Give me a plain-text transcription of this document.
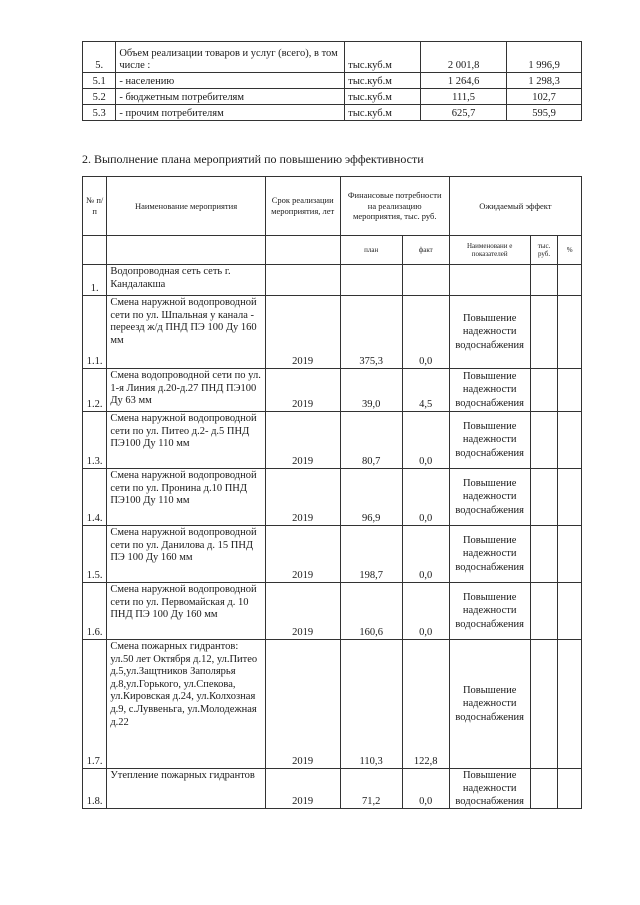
5.	Объем реализации товаров и услуг (всего), в том числе :	тыс.куб.м	2 001,8	1 996,9
5.1	- населению	тыс.куб.м	1 264,6	1 298,3
5.2	- бюджетным потребителям	тыс.куб.м	111,5	102,7
5.3	- прочим потребителям	тыс.куб.м	625,7	595,9
2. Выполнение плана мероприятий по повышению эффективности
№ п/п	Наименование мероприятия	Срок реализации мероприятия, лет	Финансовые потребности на реализацию мероприятия, тыс. руб.		Ожидаемый эффект		
			план	факт	Наименовани е показателей	тыс. руб.	%
1.	Водопроводная сеть сеть г. Кандалакша						
1.1.	Смена наружной водопроводной сети по ул. Шпальная у канала - переезд ж/д ПНД ПЭ 100 Ду 160 мм	2019	375,3	0,0	Повышение надежности водоснабжения		
1.2.	Смена водопроводной сети по ул. 1-я Линия д.20-д.27 ПНД ПЭ100 Ду 63 мм	2019	39,0	4,5	Повышение надежности водоснабжения		
1.3.	Смена наружной водопроводной сети по ул. Питео д.2- д.5 ПНД ПЭ100 Ду 110 мм	2019	80,7	0,0	Повышение надежности водоснабжения		
1.4.	Смена наружной водопроводной сети по ул. Пронина д.10 ПНД ПЭ100 Ду 110 мм	2019	96,9	0,0	Повышение надежности водоснабжения		
1.5.	Смена наружной водопроводной сети по ул. Данилова д. 15 ПНД ПЭ 100 Ду 160 мм	2019	198,7	0,0	Повышение надежности водоснабжения		
1.6.	Смена наружной водопроводной сети по ул. Первомайская д. 10 ПНД ПЭ 100 Ду 160 мм	2019	160,6	0,0	Повышение надежности водоснабжения		
1.7.	Смена пожарных гидрантов: ул.50 лет Октября д.12, ул.Питео д.5,ул.Защтников Заполярья д.8,ул.Горького, ул.Спекова, ул.Кировская д.24, ул.Колхозная д.9, с.Луввеньга, ул.Молодежная д.22	2019	110,3	122,8	Повышение надежности водоснабжения		
1.8.	Утепление пожарных гидрантов	2019	71,2	0,0	Повышение надежности водоснабжения		
